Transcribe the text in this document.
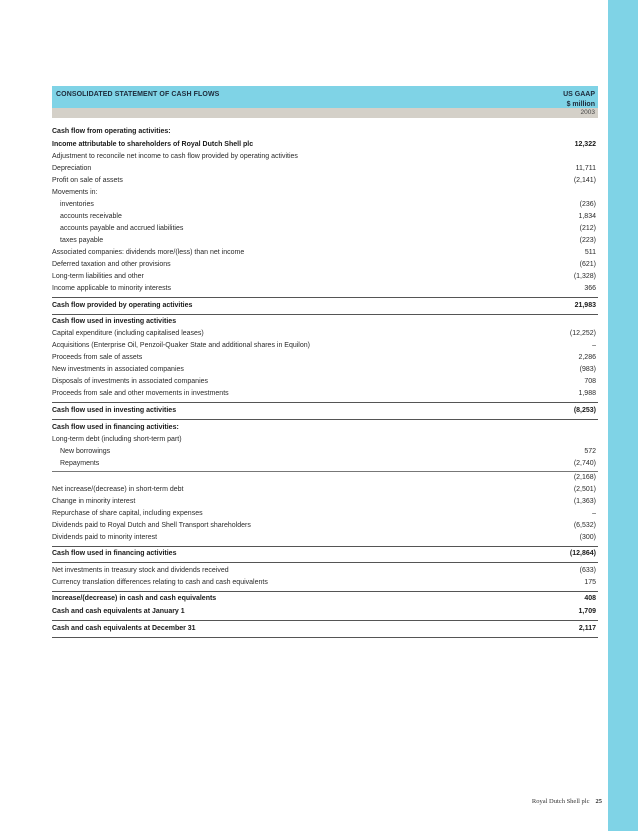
CONSOLIDATED STATEMENT OF CASH FLOWS	US GAAP
$ million
2003
Cash flow from operating activities:
Income attributable to shareholders of Royal Dutch Shell plc	12,322
Adjustment to reconcile net income to cash flow provided by operating activities
Depreciation	11,711
Profit on sale of assets	(2,141)
Movements in:
inventories	(236)
accounts receivable	1,834
accounts payable and accrued liabilities	(212)
taxes payable	(223)
Associated companies: dividends more/(less) than net income	511
Deferred taxation and other provisions	(621)
Long-term liabilities and other	(1,328)
Income applicable to minority interests	366
Cash flow provided by operating activities	21,983
Cash flow used in investing activities
Capital expenditure (including capitalised leases)	(12,252)
Acquisitions (Enterprise Oil, Penzoil-Quaker State and additional shares in Equilon)	–
Proceeds from sale of assets	2,286
New investments in associated companies	(983)
Disposals of investments in associated companies	708
Proceeds from sale and other movements in investments	1,988
Cash flow used in investing activities	(8,253)
Cash flow used in financing activities:
Long-term debt (including short-term part)
New borrowings	572
Repayments	(2,740)
(2,168)
Net increase/(decrease) in short-term debt	(2,501)
Change in minority interest	(1,363)
Repurchase of share capital, including expenses	–
Dividends paid to Royal Dutch and Shell Transport shareholders	(6,532)
Dividends paid to minority interest	(300)
Cash flow used in financing activities	(12,864)
Net investments in treasury stock and dividends received	(633)
Currency translation differences relating to cash and cash equivalents	175
Increase/(decrease) in cash and cash equivalents	408
Cash and cash equivalents at January 1	1,709
Cash and cash equivalents at December 31	2,117
Royal Dutch Shell plc 25
